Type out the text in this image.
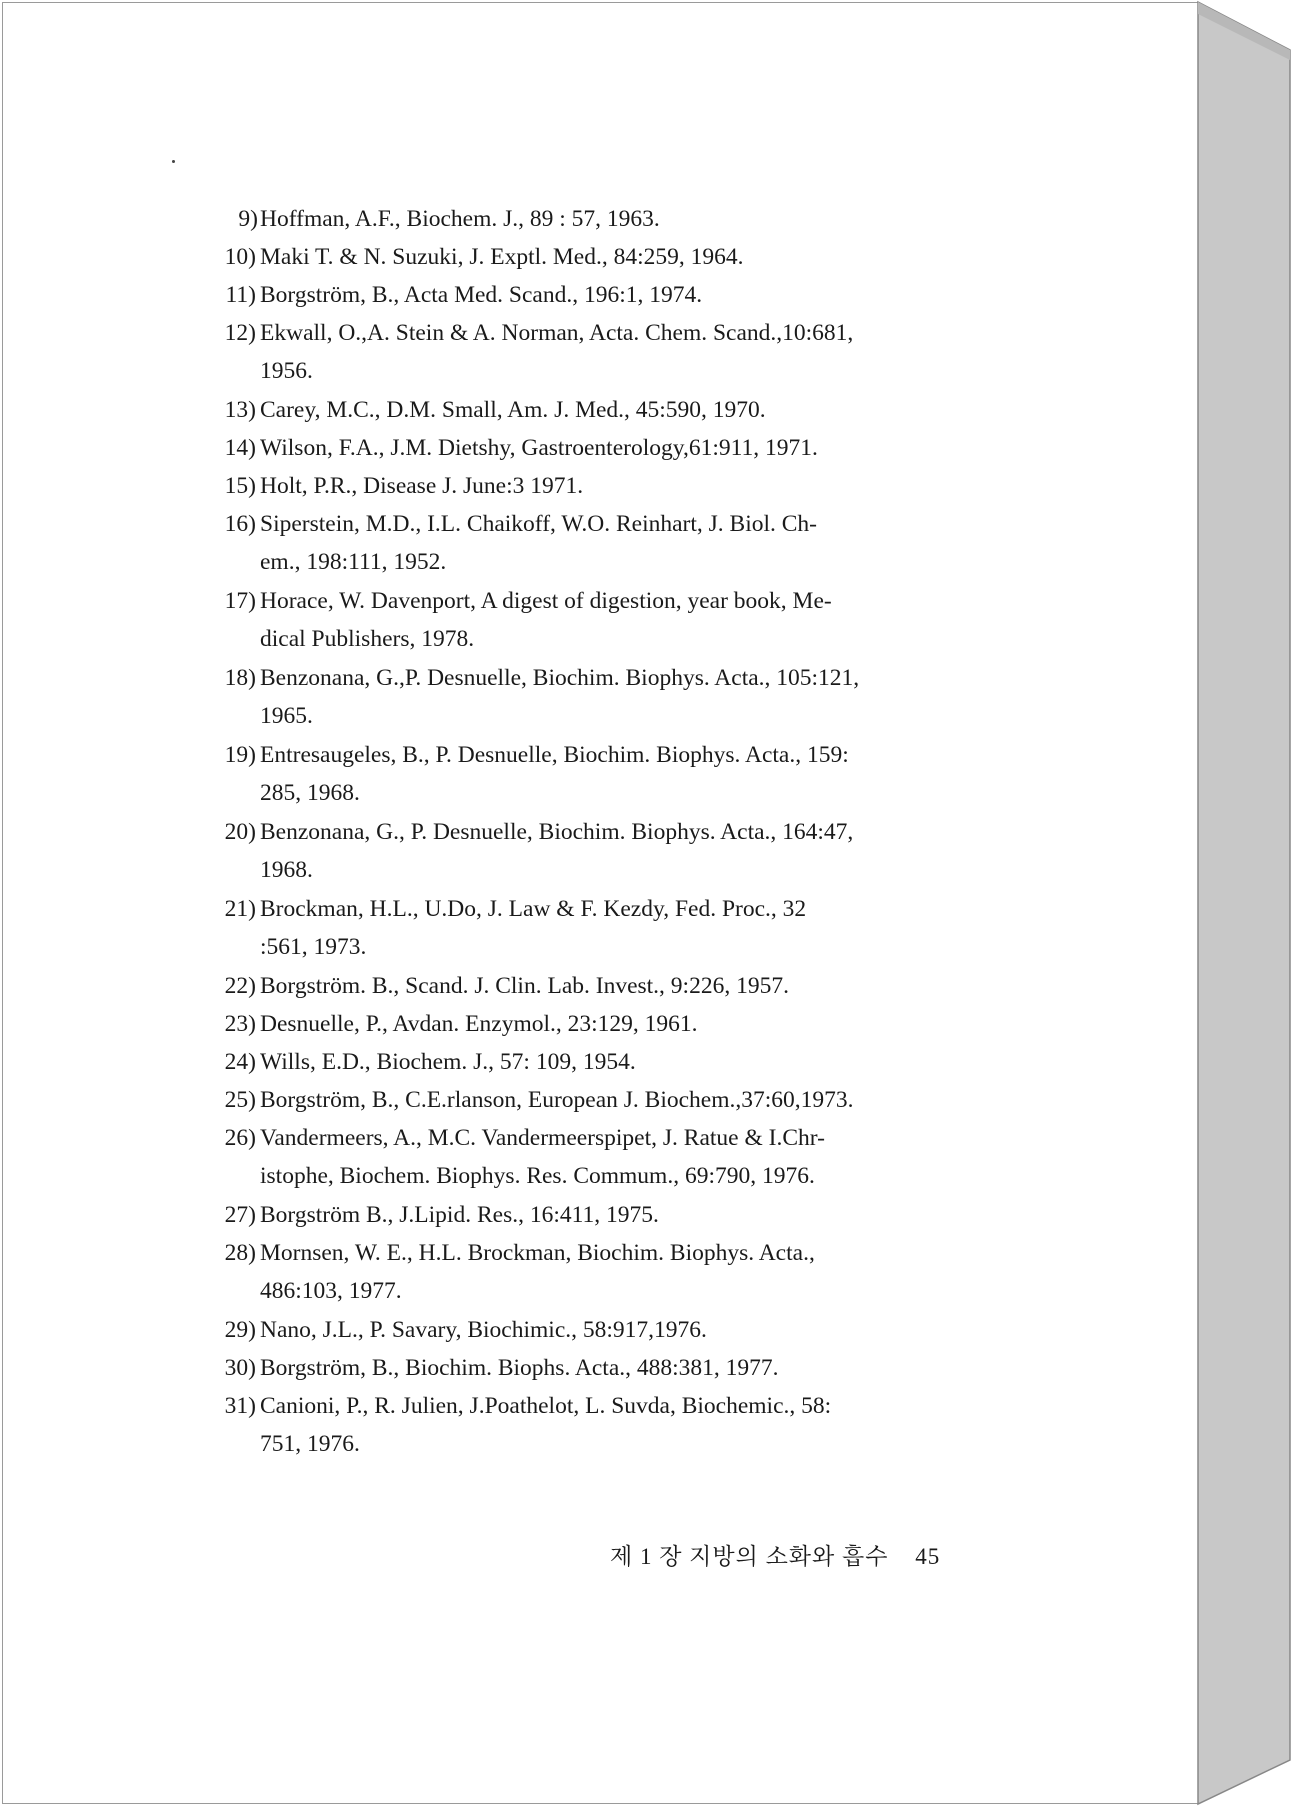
9) Hoffman, A.F., Biochem. J., 89 : 57, 1963.
10) Maki T. & N. Suzuki, J. Exptl. Med., 84:259, 1964.
11) Borgström, B., Acta Med. Scand., 196:1, 1974.
12) Ekwall, O.,A. Stein & A. Norman, Acta. Chem. Scand.,10:681,
1956.
13) Carey, M.C., D.M. Small, Am. J. Med., 45:590, 1970.
14) Wilson, F.A., J.M. Dietshy, Gastroenterology,61:911, 1971.
15) Holt, P.R., Disease J. June:3 1971.
16) Siperstein, M.D., I.L. Chaikoff, W.O. Reinhart, J. Biol. Ch-
em., 198:111, 1952.
17) Horace, W. Davenport, A digest of digestion, year book, Me-
dical Publishers, 1978.
18) Benzonana, G.,P. Desnuelle, Biochim. Biophys. Acta., 105:121,
1965.
19) Entresaugeles, B., P. Desnuelle, Biochim. Biophys. Acta., 159:
285, 1968.
20) Benzonana, G., P. Desnuelle, Biochim. Biophys. Acta., 164:47,
1968.
21) Brockman, H.L., U.Do, J. Law & F. Kezdy, Fed. Proc., 32
:561, 1973.
22) Borgström. B., Scand. J. Clin. Lab. Invest., 9:226, 1957.
23) Desnuelle, P., Avdan. Enzymol., 23:129, 1961.
24) Wills, E.D., Biochem. J., 57: 109, 1954.
25) Borgström, B., C.E.rlanson, European J. Biochem.,37:60,1973.
26) Vandermeers, A., M.C. Vandermeerspipet, J. Ratue & I.Chr-
istophe, Biochem. Biophys. Res. Commum., 69:790, 1976.
27) Borgström B., J.Lipid. Res., 16:411, 1975.
28) Mornsen, W. E., H.L. Brockman, Biochim. Biophys. Acta.,
486:103, 1977.
29) Nano, J.L., P. Savary, Biochimic., 58:917,1976.
30) Borgström, B., Biochim. Biophs. Acta., 488:381, 1977.
31) Canioni, P., R. Julien, J.Poathelot, L. Suvda, Biochemic., 58:
751, 1976.
제 1 장 지방의 소화와 흡수 45
